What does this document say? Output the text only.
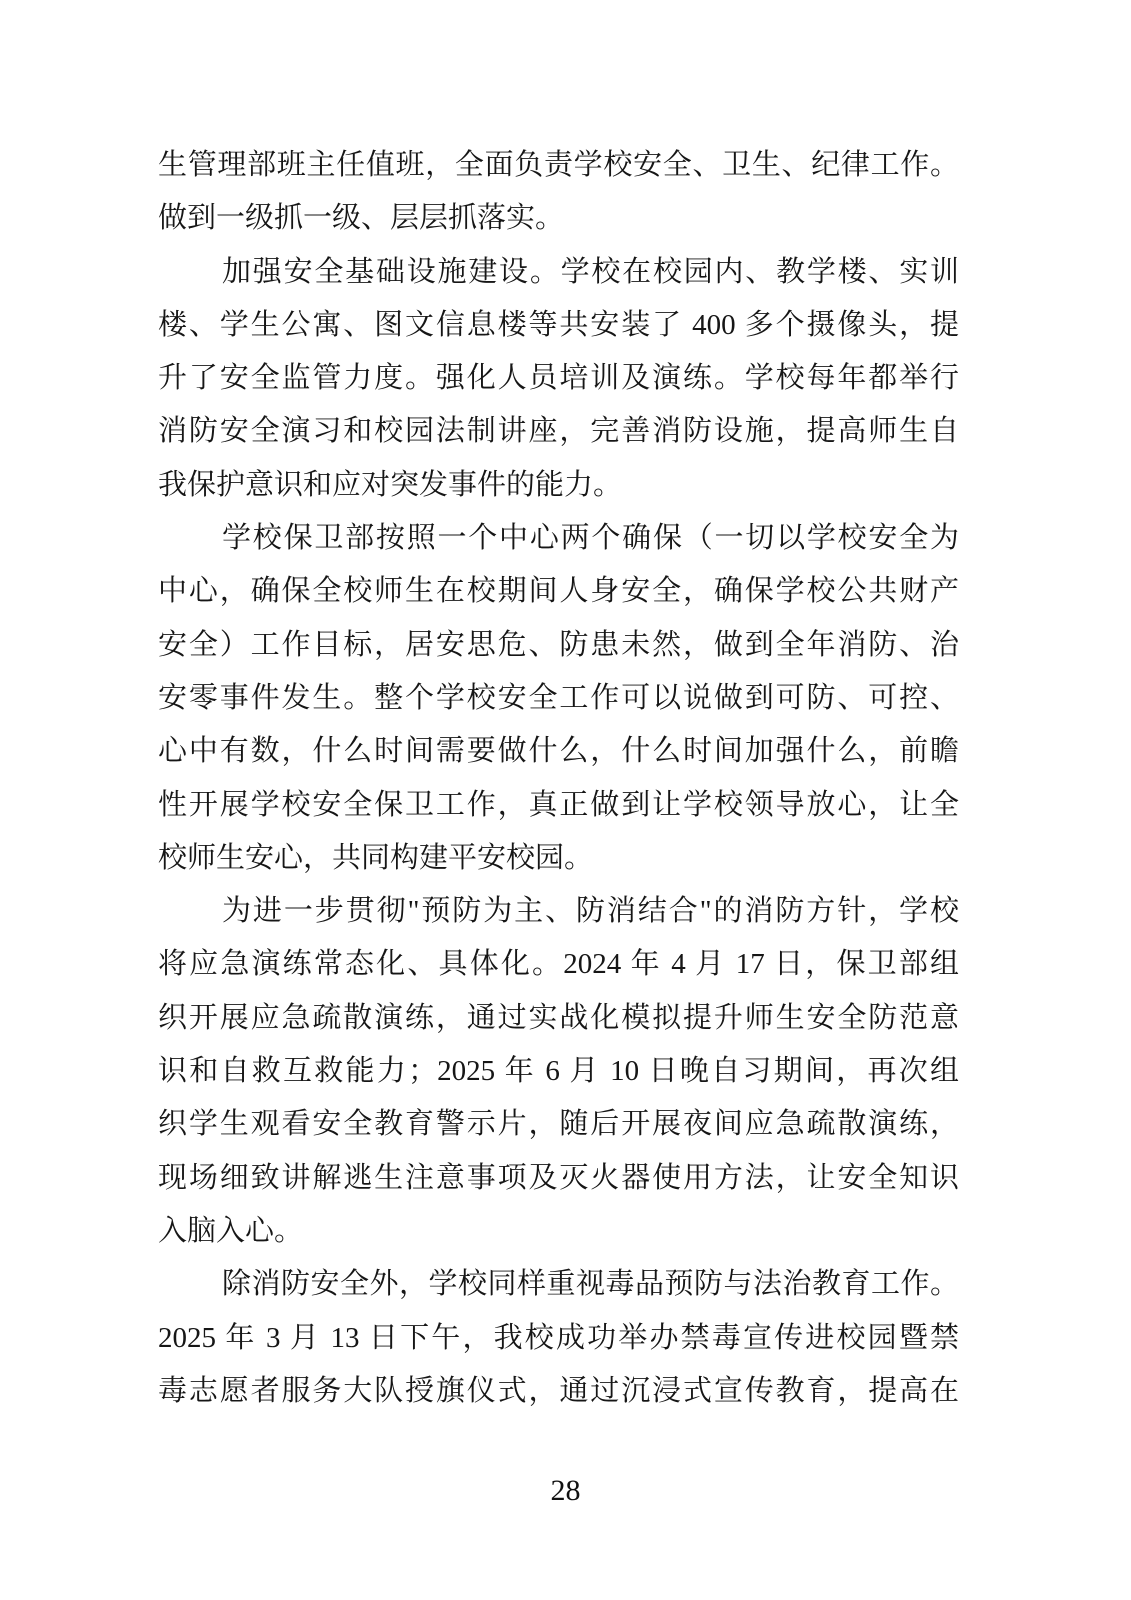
生管理部班主任值班，全面负责学校安全、卫生、纪律工作。
做到一级抓一级、层层抓落实。
加强安全基础设施建设。学校在校园内、教学楼、实训
楼、学生公寓、图文信息楼等共安装了 400 多个摄像头，提
升了安全监管力度。强化人员培训及演练。学校每年都举行
消防安全演习和校园法制讲座，完善消防设施，提高师生自
我保护意识和应对突发事件的能力。
学校保卫部按照一个中心两个确保（一切以学校安全为
中心，确保全校师生在校期间人身安全，确保学校公共财产
安全）工作目标，居安思危、防患未然，做到全年消防、治
安零事件发生。整个学校安全工作可以说做到可防、可控、
心中有数，什么时间需要做什么，什么时间加强什么，前瞻
性开展学校安全保卫工作，真正做到让学校领导放心，让全
校师生安心，共同构建平安校园。
为进一步贯彻"预防为主、防消结合"的消防方针，学校
将应急演练常态化、具体化。2024 年 4 月 17 日，保卫部组
织开展应急疏散演练，通过实战化模拟提升师生安全防范意
识和自救互救能力；2025 年 6 月 10 日晚自习期间，再次组
织学生观看安全教育警示片，随后开展夜间应急疏散演练，
现场细致讲解逃生注意事项及灭火器使用方法，让安全知识
入脑入心。
除消防安全外，学校同样重视毒品预防与法治教育工作。
2025 年 3 月 13 日下午，我校成功举办禁毒宣传进校园暨禁
毒志愿者服务大队授旗仪式，通过沉浸式宣传教育，提高在
28
